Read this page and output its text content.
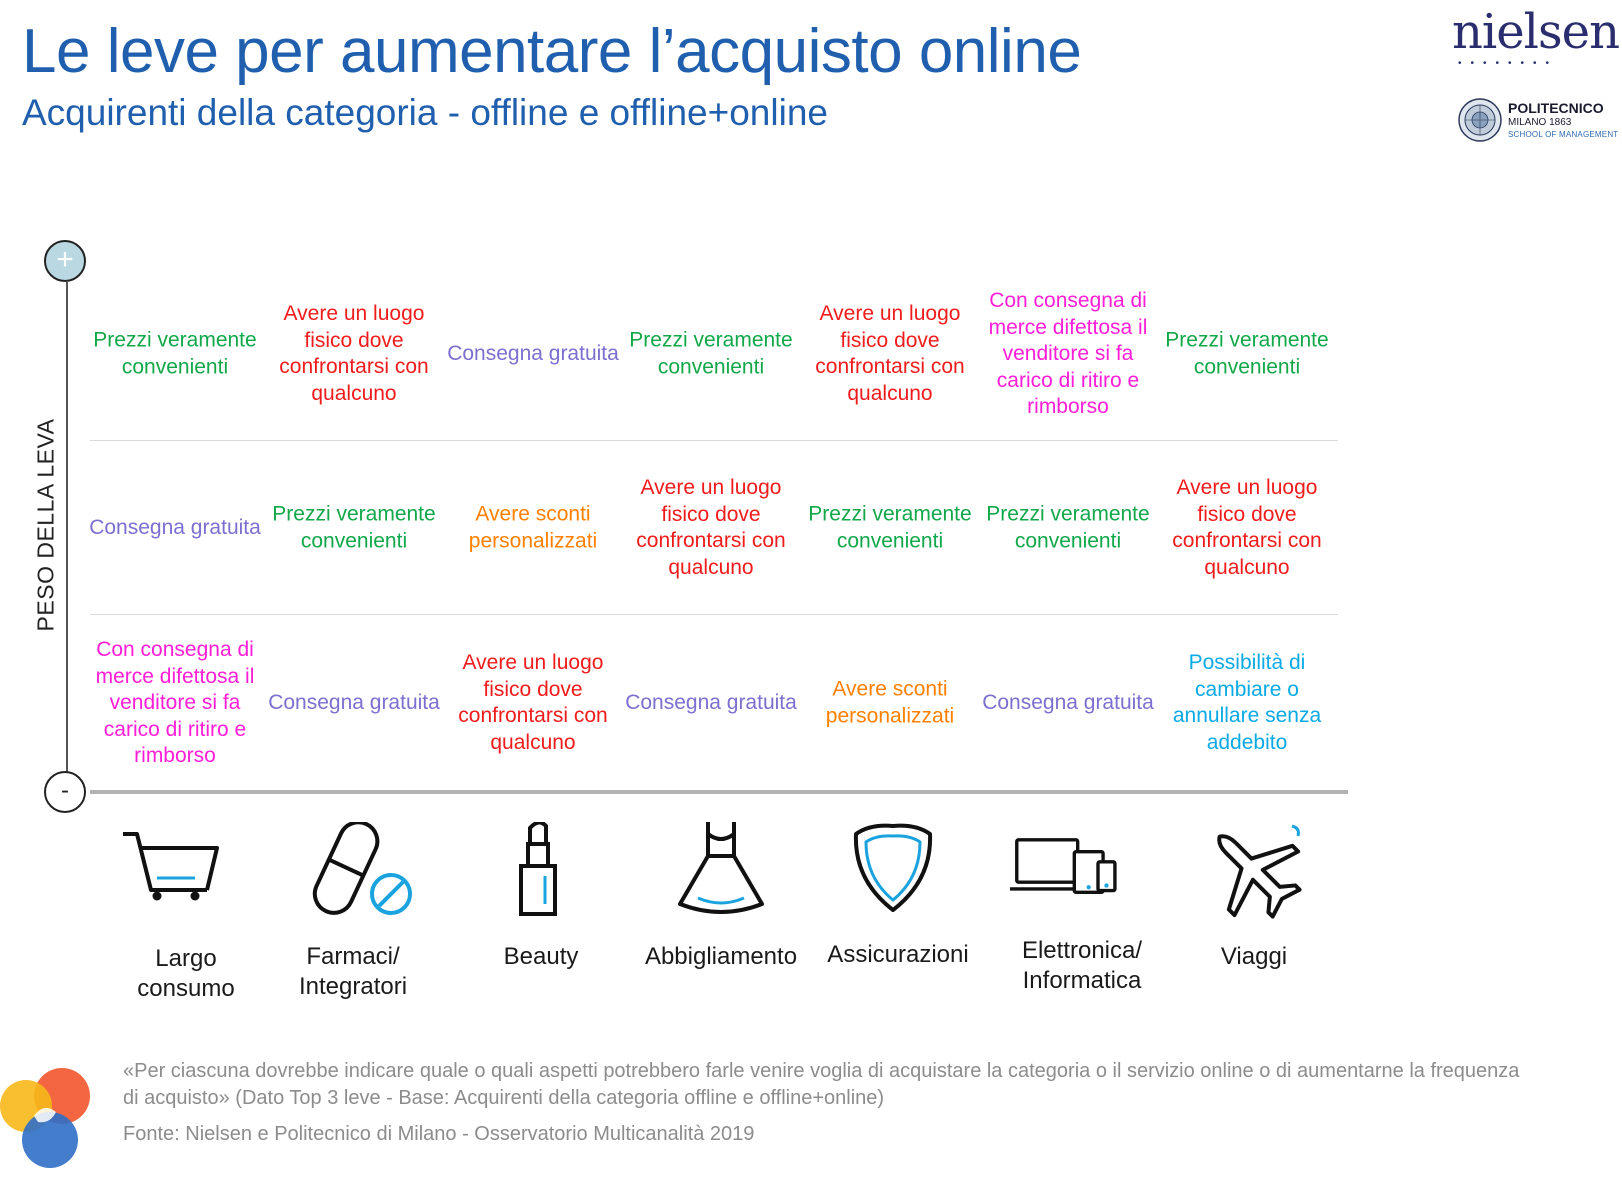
Le leve per aumentare l’acquisto online
Acquirenti della categoria - offline e offline+online
nielsen
••••••••
POLITECNICO
MILANO 1863
SCHOOL OF MANAGEMENT
+
-
PESO DELLA LEVA
Prezzi veramente convenienti
Avere un luogo fisico dove confrontarsi con qualcuno
Consegna gratuita
Prezzi veramente convenienti
Avere un luogo fisico dove confrontarsi con qualcuno
Con consegna di merce difettosa il venditore si fa carico di ritiro e rimborso
Prezzi veramente convenienti
Consegna gratuita
Prezzi veramente convenienti
Avere sconti personalizzati
Avere un luogo fisico dove confrontarsi con qualcuno
Prezzi veramente convenienti
Prezzi veramente convenienti
Avere un luogo fisico dove confrontarsi con qualcuno
Con consegna di merce difettosa il venditore si fa carico di ritiro e rimborso
Consegna gratuita
Avere un luogo fisico dove confrontarsi con qualcuno
Consegna gratuita
Avere sconti personalizzati
Consegna gratuita
Possibilità di cambiare o annullare senza addebito
Largo
consumo
Farmaci/
Integratori
Beauty	Abbigliamento Assicurazioni Elettronica/
Informatica
Viaggi
«Per ciascuna dovrebbe indicare quale o quali aspetti potrebbero farle venire voglia di acquistare la categoria o il servizio online o di aumentarne la frequenza di acquisto» (Dato Top 3 leve - Base: Acquirenti della categoria offline e offline+online)
Fonte: Nielsen e Politecnico di Milano - Osservatorio Multicanalità 2019
